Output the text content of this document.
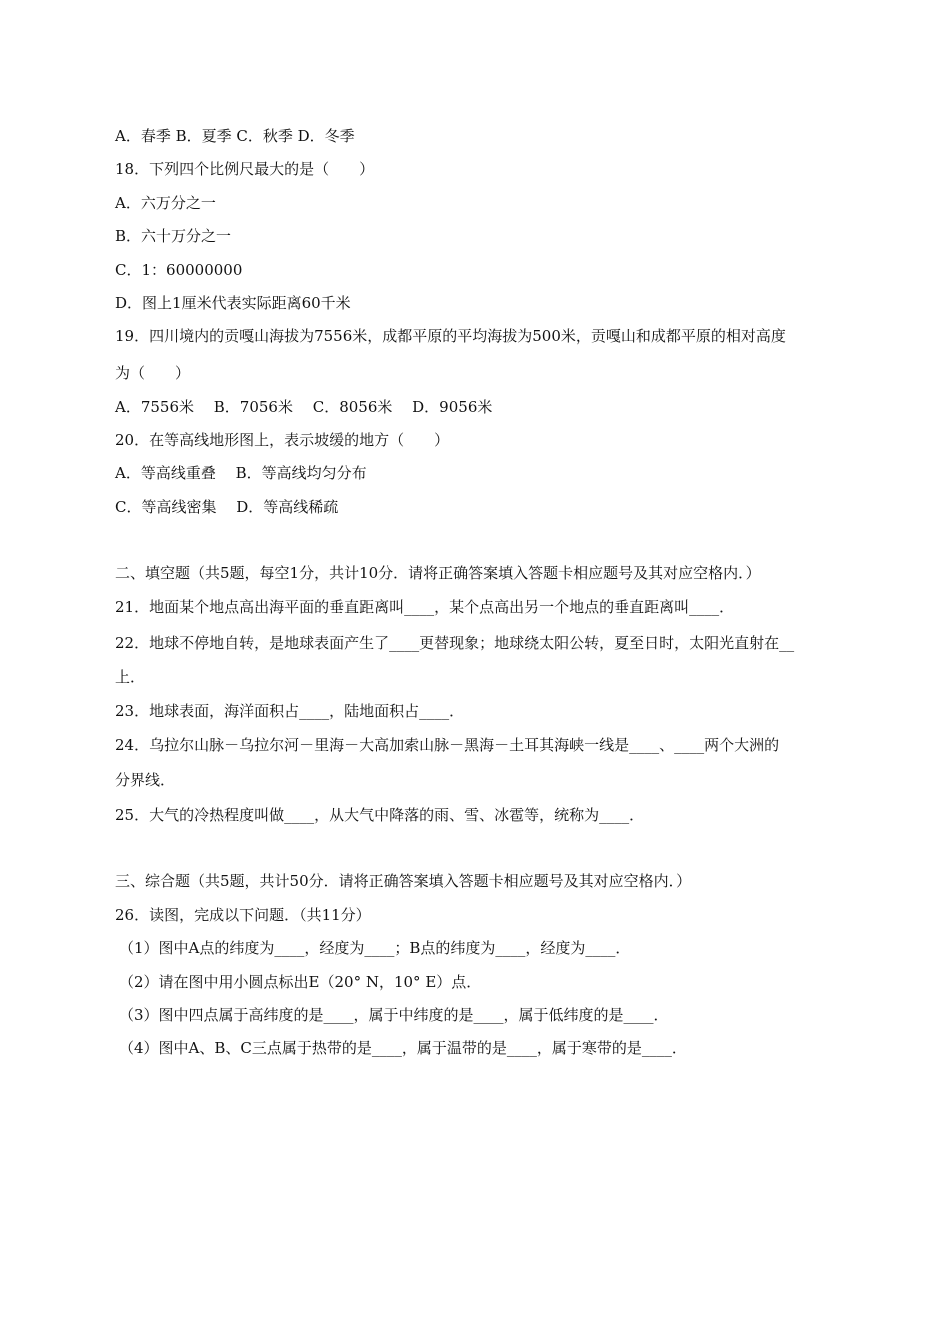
A．春季 B．夏季 C．秋季 D．冬季
18．下列四个比例尺最大的是（　　）
A．六万分之一
B．六十万分之一
C．1：60000000
D．图上1厘米代表实际距离60千米
19．四川境内的贡嘎山海拔为7556米，成都平原的平均海拔为500米，贡嘎山和成都平原的相对高度
为（　　）
A．7556米　 B．7056米　 C．8056米　 D．9056米
20．在等高线地形图上，表示坡缓的地方（　　）
A．等高线重叠　 B．等高线均匀分布
C．等高线密集　 D．等高线稀疏
二、填空题（共5题，每空1分，共计10分．请将正确答案填入答题卡相应题号及其对应空格内．）
21．地面某个地点高出海平面的垂直距离叫____，某个点高出另一个地点的垂直距离叫____．
22．地球不停地自转，是地球表面产生了____更替现象；地球绕太阳公转，夏至日时，太阳光直射在__
上．
23．地球表面，海洋面积占____，陆地面积占____．
24．乌拉尔山脉－乌拉尔河－里海－大高加索山脉－黑海－土耳其海峡一线是____、____两个大洲的
分界线．
25．大气的冷热程度叫做____，从大气中降落的雨、雪、冰雹等，统称为____．
三、综合题（共5题，共计50分．请将正确答案填入答题卡相应题号及其对应空格内．）
26．读图，完成以下问题．（共11分）
（1）图中A点的纬度为____，经度为____；B点的纬度为____，经度为____．
（2）请在图中用小圆点标出E（20° N，10° E）点．
（3）图中四点属于高纬度的是____，属于中纬度的是____，属于低纬度的是____．
（4）图中A、B、C三点属于热带的是____，属于温带的是____，属于寒带的是____．
